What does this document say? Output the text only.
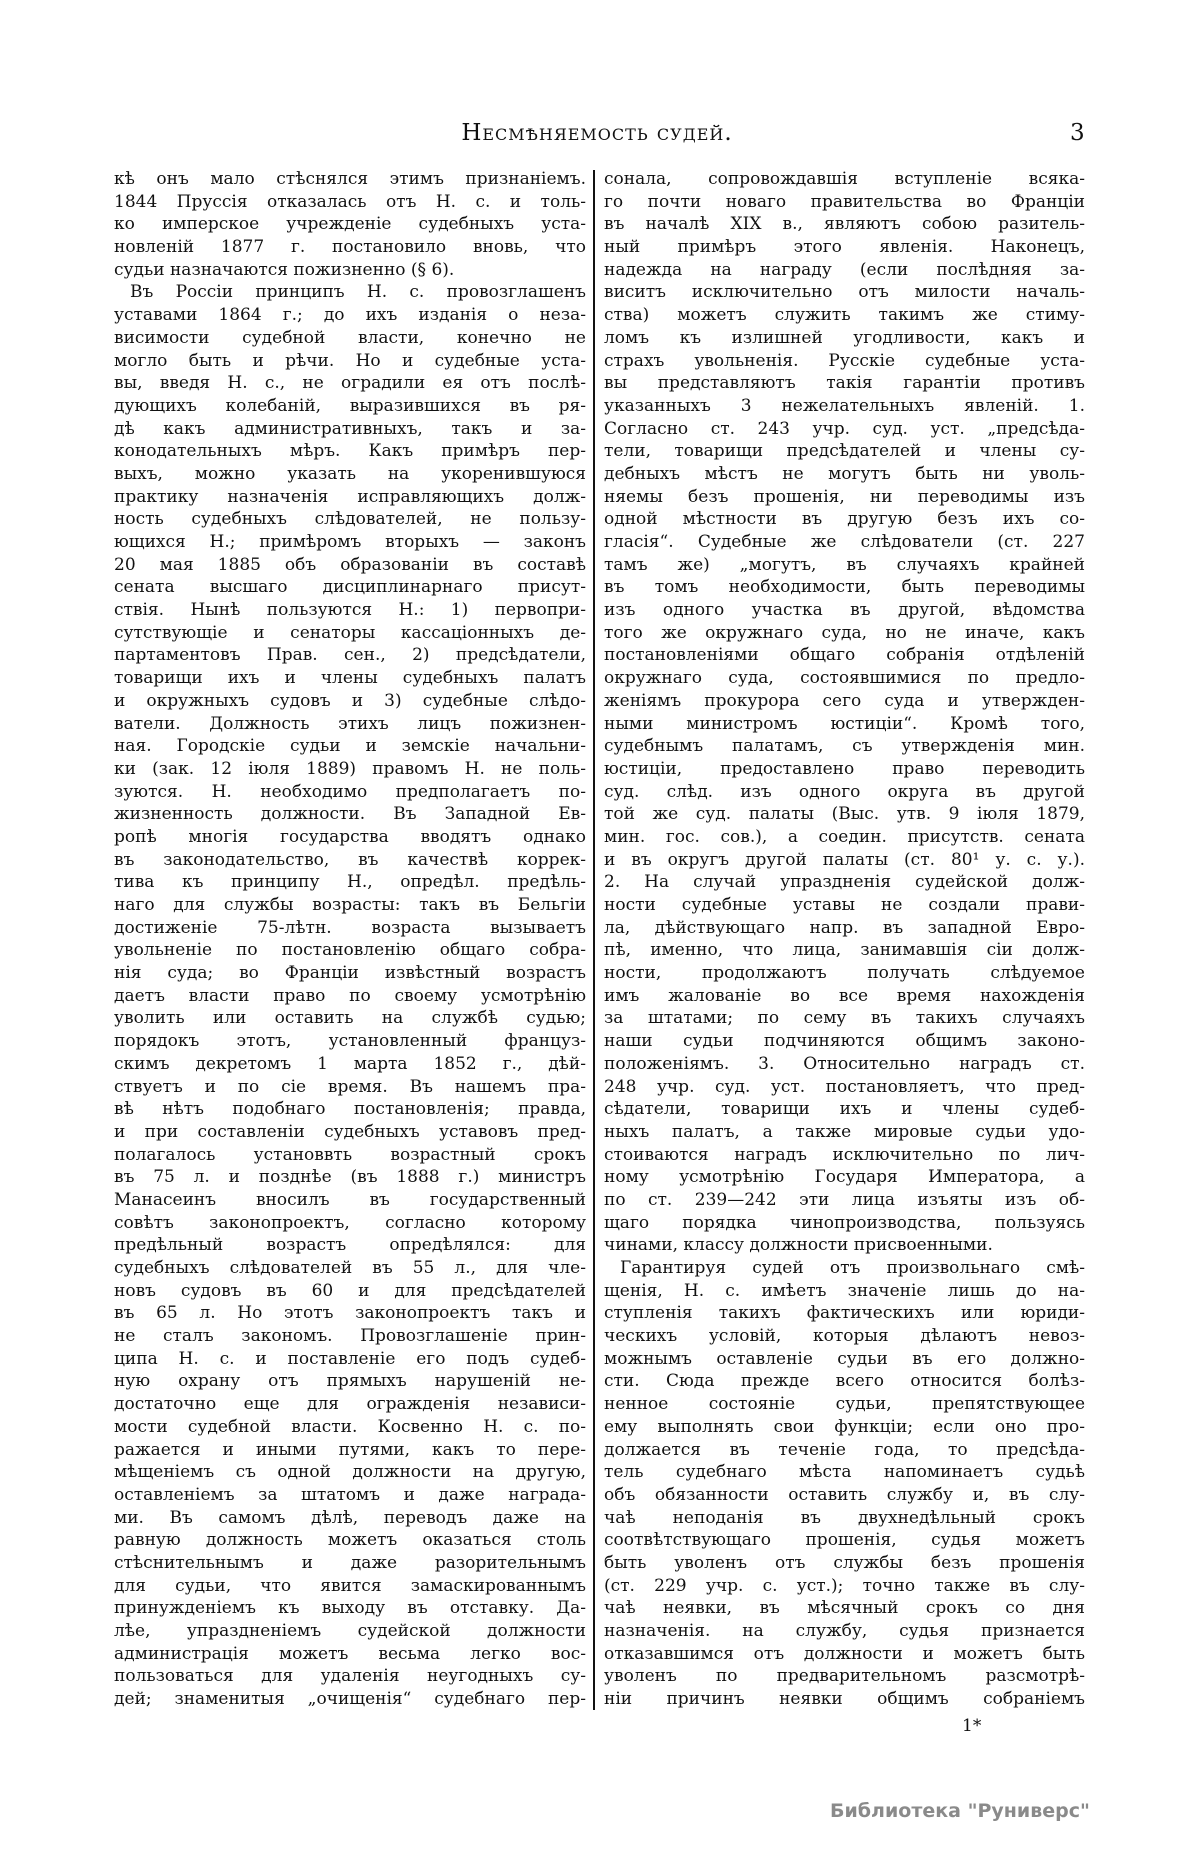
Несмѣняемость судей.	3
кѣ онъ мало стѣснялся этимъ признаніемъ.
1844 Пруссія отказалась отъ Н. с. и толь-
ко имперское учрежденіе судебныхъ уста-
новленій 1877 г. постановило вновь, что
судьи назначаются пожизненно (§ 6).
Въ Россіи принципъ Н. с. провозглашенъ
уставами 1864 г.; до ихъ изданія о неза-
висимости судебной власти, конечно не
могло быть и рѣчи. Но и судебные уста-
вы, введя Н. с., не оградили ея отъ послѣ-
дующихъ колебаній, выразившихся въ ря-
дѣ какъ административныхъ, такъ и за-
конодательныхъ мѣръ. Какъ примѣръ пер-
выхъ, можно указать на укоренившуюся
практику назначенія исправляющихъ долж-
ность судебныхъ слѣдователей, не пользу-
ющихся Н.; примѣромъ вторыхъ — законъ
20 мая 1885 объ образованіи въ составѣ
сената высшаго дисциплинарнаго присут-
ствія. Нынѣ пользуются Н.: 1) первопри-
сутствующіе и сенаторы кассаціонныхъ де-
партаментовъ Прав. сен., 2) предсѣдатели,
товарищи ихъ и члены судебныхъ палатъ
и окружныхъ судовъ и 3) судебные слѣдо-
ватели. Должность этихъ лицъ пожизнен-
ная. Городскіе судьи и земскіе начальни-
ки (зак. 12 іюля 1889) правомъ Н. не поль-
зуются. Н. необходимо предполагаетъ по-
жизненность должности. Въ Западной Ев-
ропѣ многія государства вводятъ однако
въ законодательство, въ качествѣ коррек-
тива къ принципу Н., опредѣл. предѣль-
наго для службы возрасты: такъ въ Бельгіи
достиженіе 75-лѣтн. возраста вызываетъ
увольненіе по постановленію общаго собра-
нія суда; во Франціи извѣстный возрастъ
даетъ власти право по своему усмотрѣнію
уволить или оставить на службѣ судью;
порядокъ этотъ, установленный француз-
скимъ декретомъ 1 марта 1852 г., дѣй-
ствуетъ и по сіе время. Въ нашемъ пра-
вѣ нѣтъ подобнаго постановленія; правда,
и при составленіи судебныхъ уставовъ пред-
полагалось установвть возрастный срокъ
въ 75 л. и позднѣе (въ 1888 г.) министръ
Манасеинъ вносилъ въ государственный
совѣтъ законопроектъ, согласно которому
предѣльный возрастъ опредѣлялся: для
судебныхъ слѣдователей въ 55 л., для чле-
новъ судовъ въ 60 и для предсѣдателей
въ 65 л. Но этотъ законопроектъ такъ и
не сталъ закономъ. Провозглашеніе прин-
ципа Н. с. и поставленіе его подъ судеб-
ную охрану отъ прямыхъ нарушеній не-
достаточно еще для огражденія независи-
мости судебной власти. Косвенно Н. с. по-
ражается и иными путями, какъ то пере-
мѣщеніемъ съ одной должности на другую,
оставленіемъ за штатомъ и даже награда-
ми. Въ самомъ дѣлѣ, переводъ даже на
равную должность можетъ оказаться столь
стѣснительнымъ и даже разорительнымъ
для судьи, что явится замаскированнымъ
принужденіемъ къ выходу въ отставку. Да-
лѣе, упраздненіемъ судейской должности
администрація можетъ весьма легко вос-
пользоваться для удаленія неугодныхъ су-
дей; знаменитыя „очищенія“ судебнаго пер-
сонала, сопровождавшія вступленіе всяка-
го почти новаго правительства во Франціи
въ началѣ XIX в., являютъ собою разитель-
ный примѣръ этого явленія. Наконецъ,
надежда на награду (если послѣдняя за-
виситъ исключительно отъ милости началь-
ства) можетъ служить такимъ же стиму-
ломъ къ излишней угодливости, какъ и
страхъ увольненія. Русскіе судебные уста-
вы представляютъ такія гарантіи противъ
указанныхъ 3 нежелательныхъ явленій. 1.
Согласно ст. 243 учр. суд. уст. „предсѣда-
тели, товарищи предсѣдателей и члены су-
дебныхъ мѣстъ не могутъ быть ни уволь-
няемы безъ прошенія, ни переводимы изъ
одной мѣстности въ другую безъ ихъ со-
гласія“. Судебные же слѣдователи (ст. 227
тамъ же) „могутъ, въ случаяхъ крайней
въ томъ необходимости, быть переводимы
изъ одного участка въ другой, вѣдомства
того же окружнаго суда, но не иначе, какъ
постановленіями общаго собранія отдѣленій
окружнаго суда, состоявшимися по предло-
женіямъ прокурора сего суда и утвержден-
ными министромъ юстиціи“. Кромѣ того,
судебнымъ палатамъ, съ утвержденія мин.
юстиціи, предоставлено право переводить
суд. слѣд. изъ одного округа въ другой
той же суд. палаты (Выс. утв. 9 іюля 1879,
мин. гос. сов.), а соедин. присутств. сената
и въ округъ другой палаты (ст. 80¹ у. с. у.).
2. На случай упраздненія судейской долж-
ности судебные уставы не создали прави-
ла, дѣйствующаго напр. въ западной Евро-
пѣ, именно, что лица, занимавшія сіи долж-
ности, продолжаютъ получать слѣдуемое
имъ жалованіе во все время нахожденія
за штатами; по сему въ такихъ случаяхъ
наши судьи подчиняются общимъ законо-
положеніямъ. 3. Относительно наградъ ст.
248 учр. суд. уст. постановляетъ, что пред-
сѣдатели, товарищи ихъ и члены судеб-
ныхъ палатъ, а также мировые судьи удо-
стоиваются наградъ исключительно по лич-
ному усмотрѣнію Государя Императора, а
по ст. 239—242 эти лица изъяты изъ об-
щаго порядка чинопроизводства, пользуясь
чинами, классу должности присвоенными.
Гарантируя судей отъ произвольнаго смѣ-
щенія, Н. с. имѣетъ значеніе лишь до на-
ступленія такихъ фактическихъ или юриди-
ческихъ условій, которыя дѣлаютъ невоз-
можнымъ оставленіе судьи въ его должно-
сти. Сюда прежде всего относится болѣз-
ненное состояніе судьи, препятствующее
ему выполнять свои функціи; если оно про-
должается въ теченіе года, то предсѣда-
тель судебнаго мѣста напоминаетъ судьѣ
объ обязанности оставить службу и, въ слу-
чаѣ неподанія въ двухнедѣльный срокъ
соотвѣтствующаго прошенія, судья можетъ
быть уволенъ отъ службы безъ прошенія
(ст. 229 учр. с. уст.); точно также въ слу-
чаѣ неявки, въ мѣсячный срокъ со дня
назначенія. на службу, судья признается
отказавшимся отъ должности и можетъ быть
уволенъ по предварительномъ разсмотрѣ-
ніи причинъ неявки общимъ собраніемъ
1*
Библиотека "Руниверс"
